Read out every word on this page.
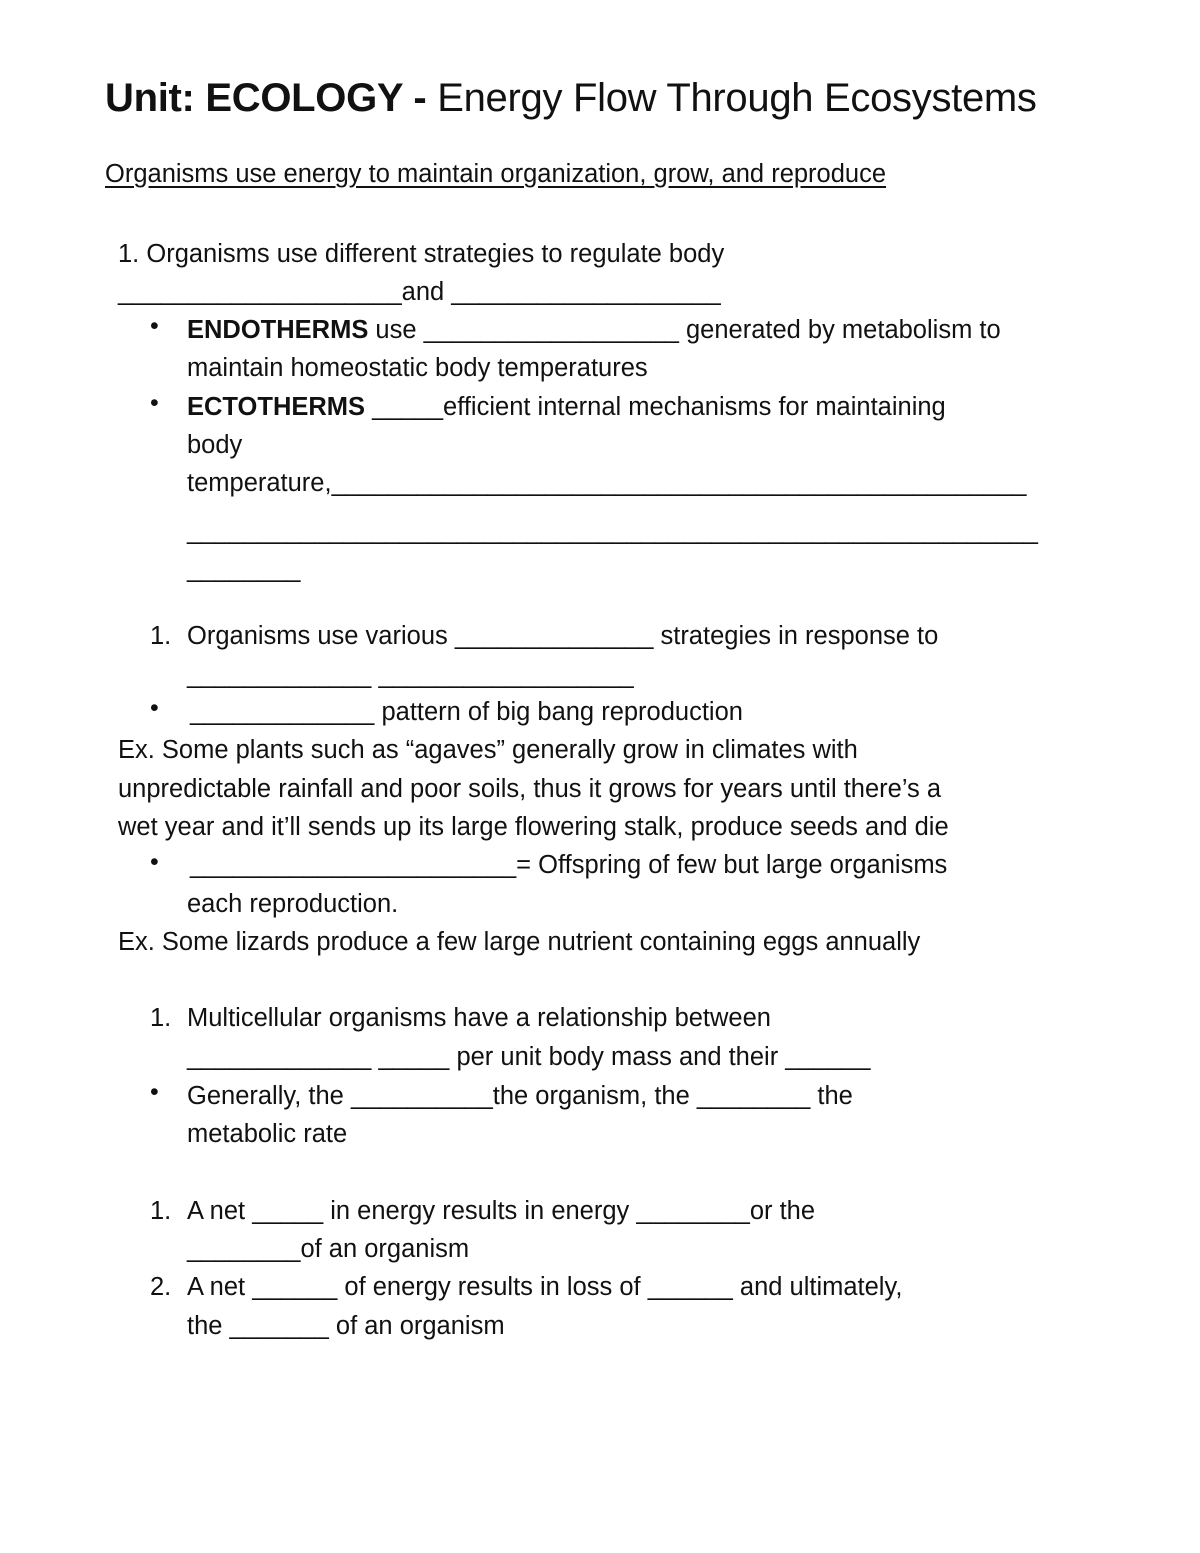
Unit: ECOLOGY - Energy Flow Through Ecosystems
Organisms use energy to maintain organization, grow, and reproduce
1. Organisms use different strategies to regulate body
____________________and ___________________
• ENDOTHERMS use __________________ generated by metabolism to
maintain homeostatic body temperatures
• ECTOTHERMS _____efficient internal mechanisms for maintaining
body
temperature,_________________________________________________
____________________________________________________________
________
1. Organisms use various ______________ strategies in response to
_____________ __________________
• _____________ pattern of big bang reproduction
Ex. Some plants such as “agaves” generally grow in climates with
unpredictable rainfall and poor soils, thus it grows for years until there’s a
wet year and it’ll sends up its large flowering stalk, produce seeds and die
• _______________________= Offspring of few but large organisms
each reproduction.
Ex. Some lizards produce a few large nutrient containing eggs annually
1. Multicellular organisms have a relationship between
_____________ _____ per unit body mass and their ______
• Generally, the __________the organism, the ________ the
metabolic rate
1. A net _____ in energy results in energy ________or the
________of an organism
2. A net ______ of energy results in loss of ______ and ultimately,
the _______ of an organism
